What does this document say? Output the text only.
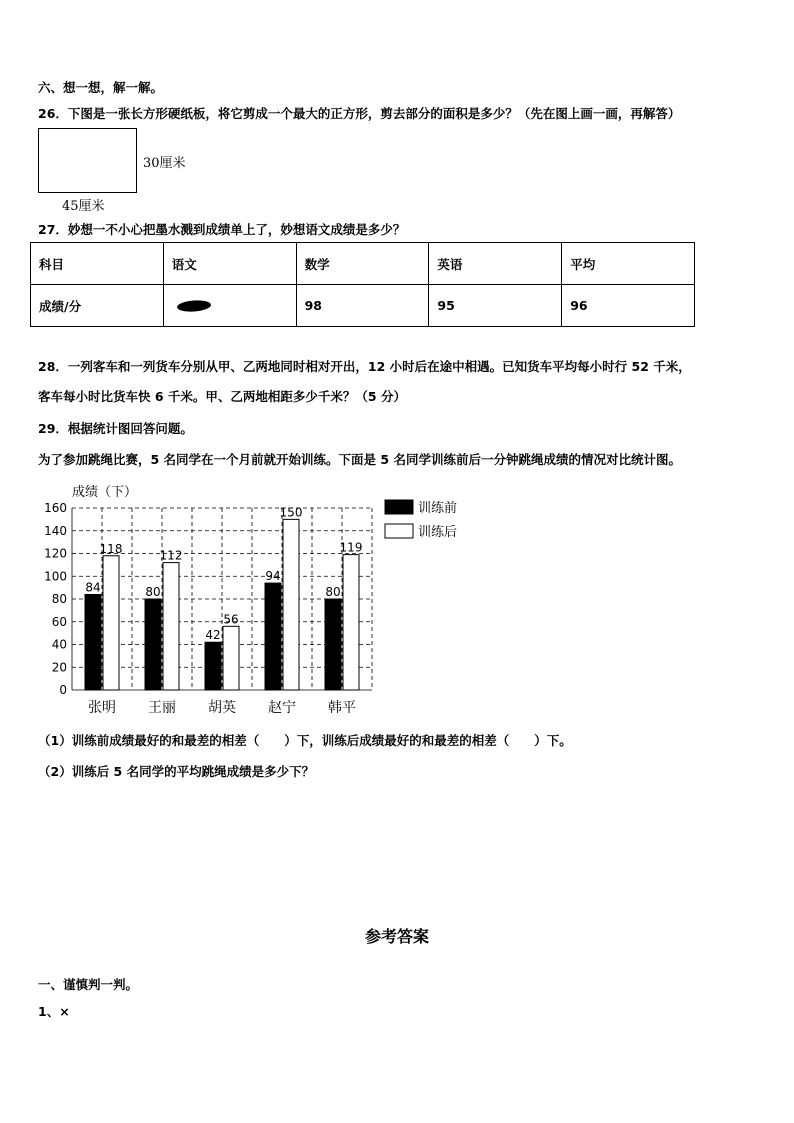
六、想一想，解一解。
26．下图是一张长方形硬纸板，将它剪成一个最大的正方形，剪去部分的面积是多少？（先在图上画一画，再解答）
30厘米
45厘米
27．妙想一不小心把墨水溅到成绩单上了，妙想语文成绩是多少？
科目	语文	数学	英语	平均
成绩/分		98	95	96
28．一列客车和一列货车分别从甲、乙两地同时相对开出，12 小时后在途中相遇。已知货车平均每小时行 52 千米，
客车每小时比货车快 6 千米。甲、乙两地相距多少千米？（5 分）
29．根据统计图回答问题。
为了参加跳绳比赛，5 名同学在一个月前就开始训练。下面是 5 名同学训练前后一分钟跳绳成绩的情况对比统计图。
0
20
40
60
80
100
120
140
160
成绩（下）
84
118
张明
80
112
王丽
42
56
胡英
94
150
赵宁
80
119
韩平
训练前
训练后
（1）训练前成绩最好的和最差的相差（　　）下，训练后成绩最好的和最差的相差（　　）下。
（2）训练后 5 名同学的平均跳绳成绩是多少下？
参考答案
一、谨慎判一判。
1、×
